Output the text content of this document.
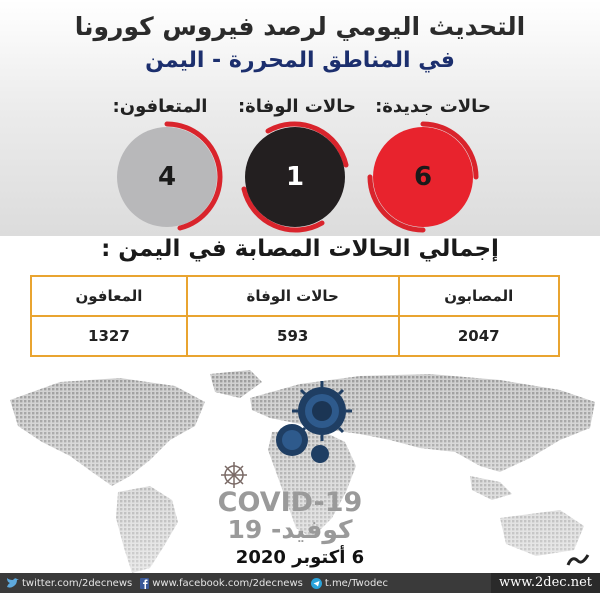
التحديث اليومي لرصد فيروس كورونا
في المناطق المحررة - اليمن
حالات جديدة:
حالات الوفاة:
المتعافون:
6
1
4
إجمالي الحالات المصابة في اليمن :
المصابون	حالات الوفاة	المعافون
2047	593	1327
COVID-19
كوفيد- 19
6 أكتوبر 2020
twitter.com/2decnews www.facebook.com/2decnews t.me/Twodec	www.2dec.net
